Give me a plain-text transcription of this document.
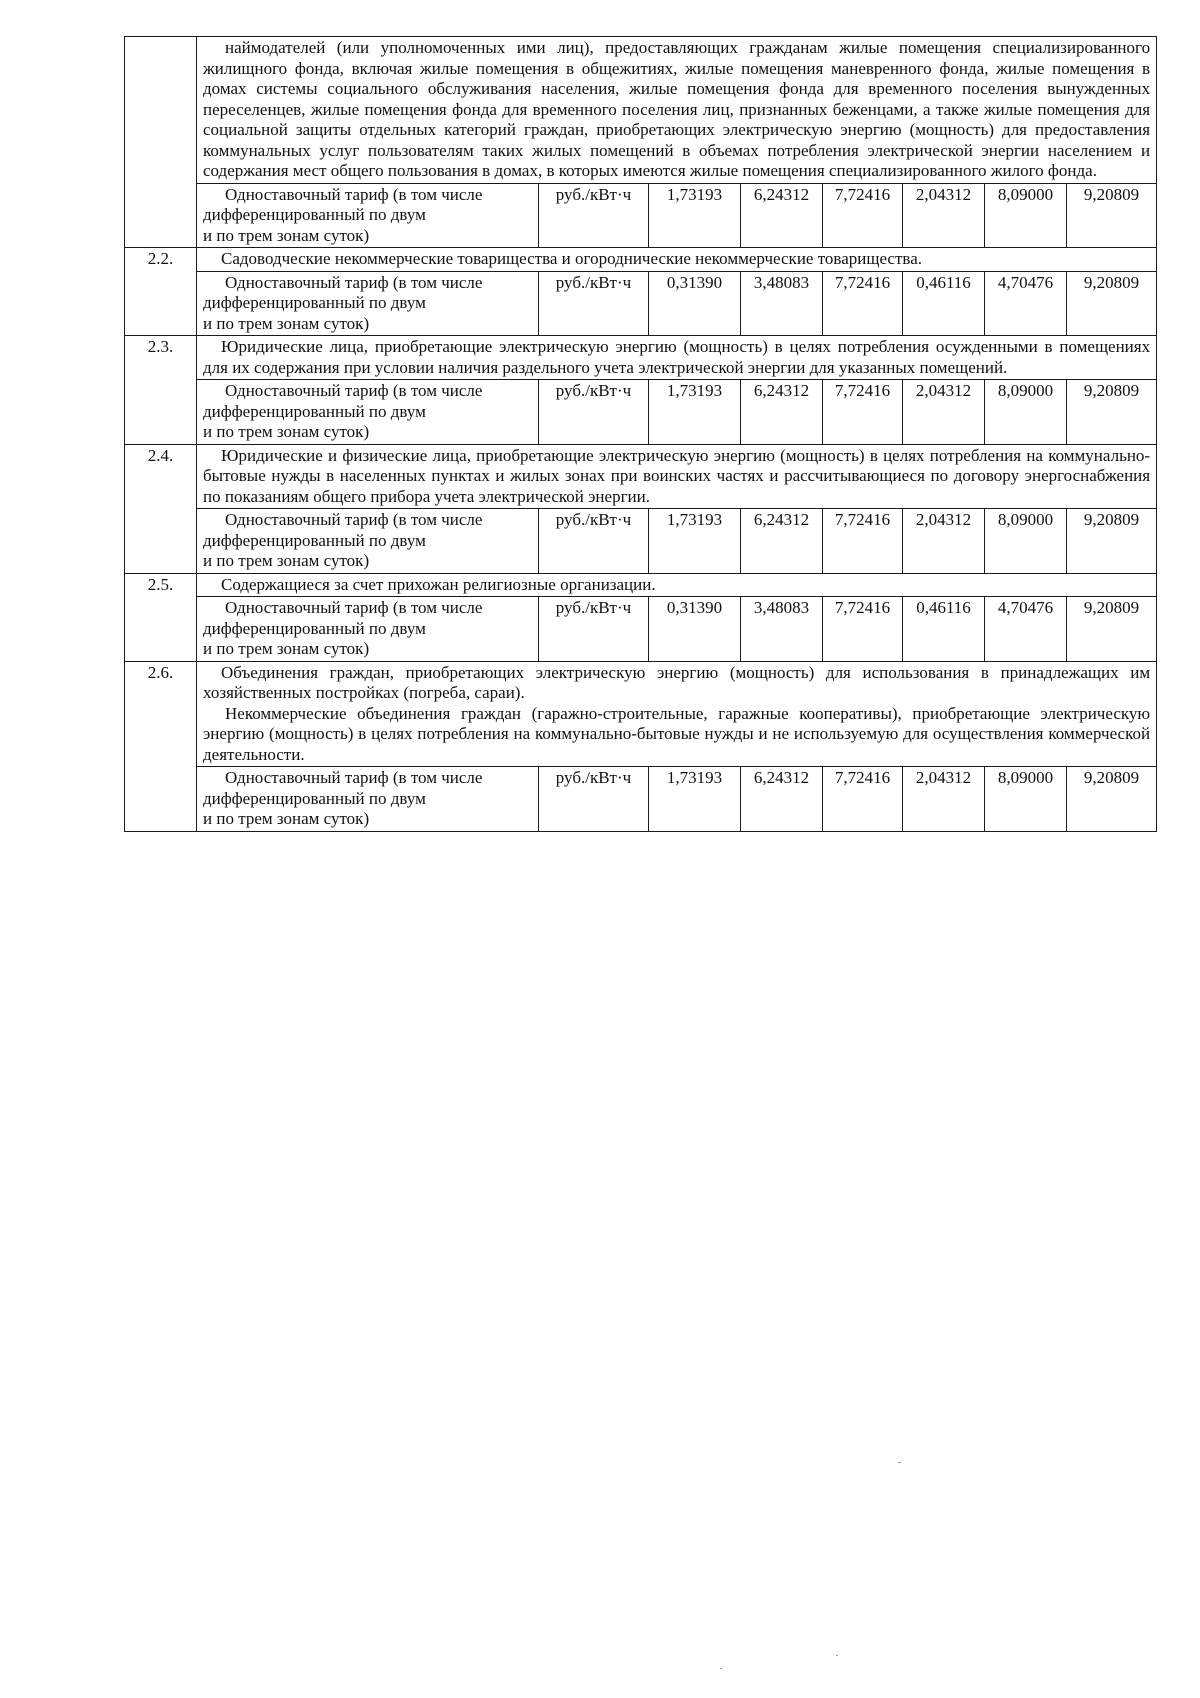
	наймодателей (или уполномоченных ими лиц), предоставляющих гражданам жилые помещения специализированного жилищного фонда, включая жилые помещения в общежитиях, жилые помещения маневренного фонда, жилые помещения в домах системы социального обслуживания населения, жилые помещения фонда для временного поселения вынужденных переселенцев, жилые помещения фонда для временного поселения лиц, признанных беженцами, а также жилые помещения для социальной защиты отдельных категорий граждан, приобретающих электрическую энергию (мощность) для предоставления коммунальных услуг пользователям таких жилых помещений в объемах потребления электрической энергии населением и содержания мест общего пользования в домах, в которых имеются жилые помещения специализированного жилого фонда.							

	Одноставочный тариф (в том числе
дифференцированный по двум
и по трем зонам суток)	руб./кВт·ч	1,73193	6,24312	7,72416	2,04312	8,09000	9,20809
2.2.	Садоводческие некоммерческие товарищества и огороднические некоммерческие товарищества.							

	Одноставочный тариф (в том числе
дифференцированный по двум
и по трем зонам суток)	руб./кВт·ч	0,31390	3,48083	7,72416	0,46116	4,70476	9,20809
2.3.	Юридические лица, приобретающие электрическую энергию (мощность) в целях потребления осужденными в помещениях для их содержания при условии наличия раздельного учета электрической энергии для указанных помещений.							

	Одноставочный тариф (в том числе
дифференцированный по двум
и по трем зонам суток)	руб./кВт·ч	1,73193	6,24312	7,72416	2,04312	8,09000	9,20809
2.4.	Юридические и физические лица, приобретающие электрическую энергию (мощность) в целях потребления на коммунально-бытовые нужды в населенных пунктах и жилых зонах при воинских частях и рассчитывающиеся по договору энергоснабжения по показаниям общего прибора учета электрической энергии.							

	Одноставочный тариф (в том числе
дифференцированный по двум
и по трем зонам суток)	руб./кВт·ч	1,73193	6,24312	7,72416	2,04312	8,09000	9,20809
2.5.	Содержащиеся за счет прихожан религиозные организации.							

	Одноставочный тариф (в том числе
дифференцированный по двум
и по трем зонам суток)	руб./кВт·ч	0,31390	3,48083	7,72416	0,46116	4,70476	9,20809
2.6.	Объединения граждан, приобретающих электрическую энергию (мощность) для использования в принадлежащих им хозяйственных постройках (погреба, сараи).

Некоммерческие объединения граждан (гаражно-строительные, гаражные кооперативы), приобретающие электрическую энергию (мощность) в целях потребления на коммунально-бытовые нужды и не используемую для осуществления коммерческой деятельности.							

	Одноставочный тариф (в том числе
дифференцированный по двум
и по трем зонам суток)	руб./кВт·ч	1,73193	6,24312	7,72416	2,04312	8,09000	9,20809
